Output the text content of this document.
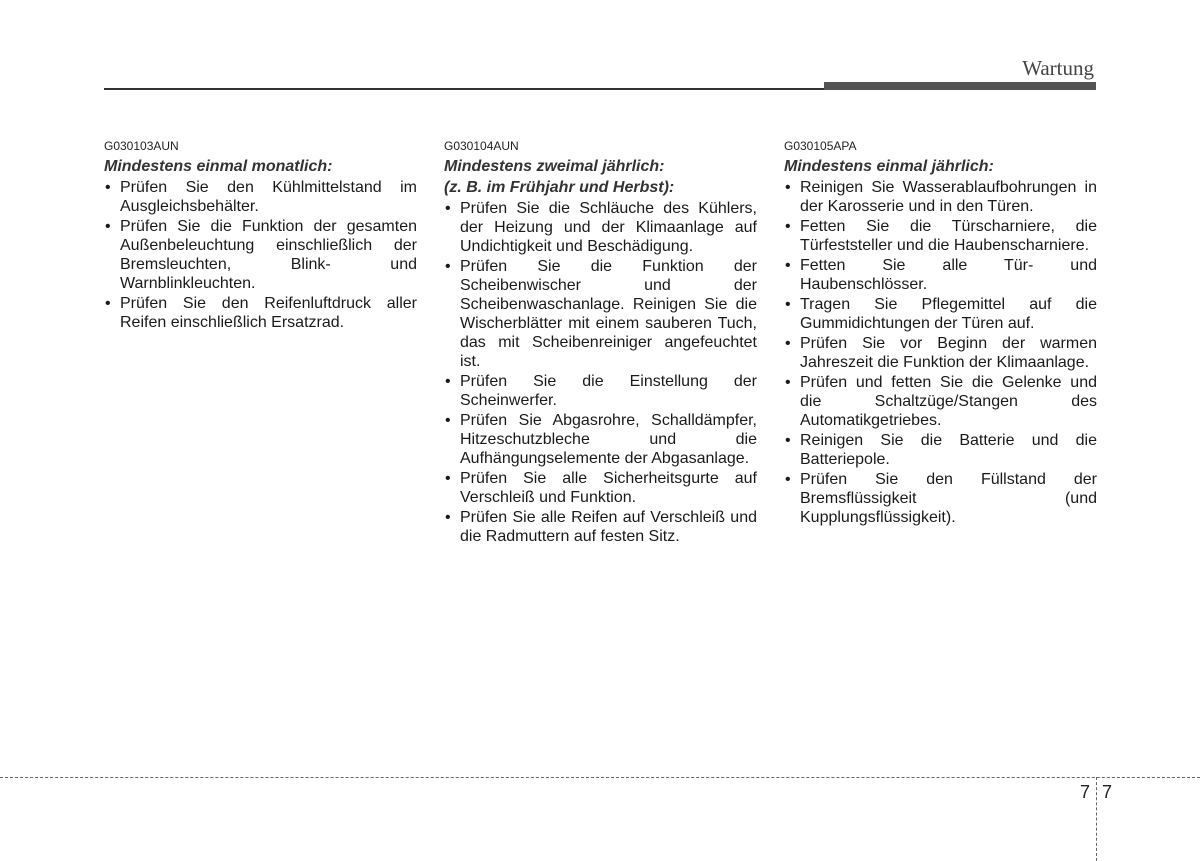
Wartung

G030103AUN

Mindestens einmal monatlich:

• Prüfen Sie den Kühlmittelstand im Ausgleichsbehälter.
• Prüfen Sie die Funktion der gesamten Außenbeleuchtung einschließlich der Bremsleuchten, Blink- und Warnblinkleuchten.
• Prüfen Sie den Reifenluftdruck aller Reifen einschließlich Ersatzrad.

G030104AUN

Mindestens zweimal jährlich:

(z. B. im Frühjahr und Herbst):

• Prüfen Sie die Schläuche des Kühlers, der Heizung und der Klimaanlage auf Undichtigkeit und Beschädigung.
• Prüfen Sie die Funktion der Scheibenwischer und der Scheibenwaschanlage. Reinigen Sie die Wischerblätter mit einem sauberen Tuch, das mit Scheibenreiniger angefeuchtet ist.
• Prüfen Sie die Einstellung der Scheinwerfer.
• Prüfen Sie Abgasrohre, Schalldämpfer, Hitzeschutzbleche und die Aufhängungselemente der Abgasanlage.
• Prüfen Sie alle Sicherheitsgurte auf Verschleiß und Funktion.
• Prüfen Sie alle Reifen auf Verschleiß und die Radmuttern auf festen Sitz.

G030105APA

Mindestens einmal jährlich:

• Reinigen Sie Wasserablaufbohrungen in der Karosserie und in den Türen.
• Fetten Sie die Türscharniere, die Türfeststeller und die Haubenscharniere.
• Fetten Sie alle Tür- und Haubenschlösser.
• Tragen Sie Pflegemittel auf die Gummidichtungen der Türen auf.
• Prüfen Sie vor Beginn der warmen Jahreszeit die Funktion der Klimaanlage.
• Prüfen und fetten Sie die Gelenke und die Schaltzüge/Stangen des Automatikgetriebes.
• Reinigen Sie die Batterie und die Batteriepole.
• Prüfen Sie den Füllstand der Bremsflüssigkeit (und Kupplungsflüssigkeit).
7 7
